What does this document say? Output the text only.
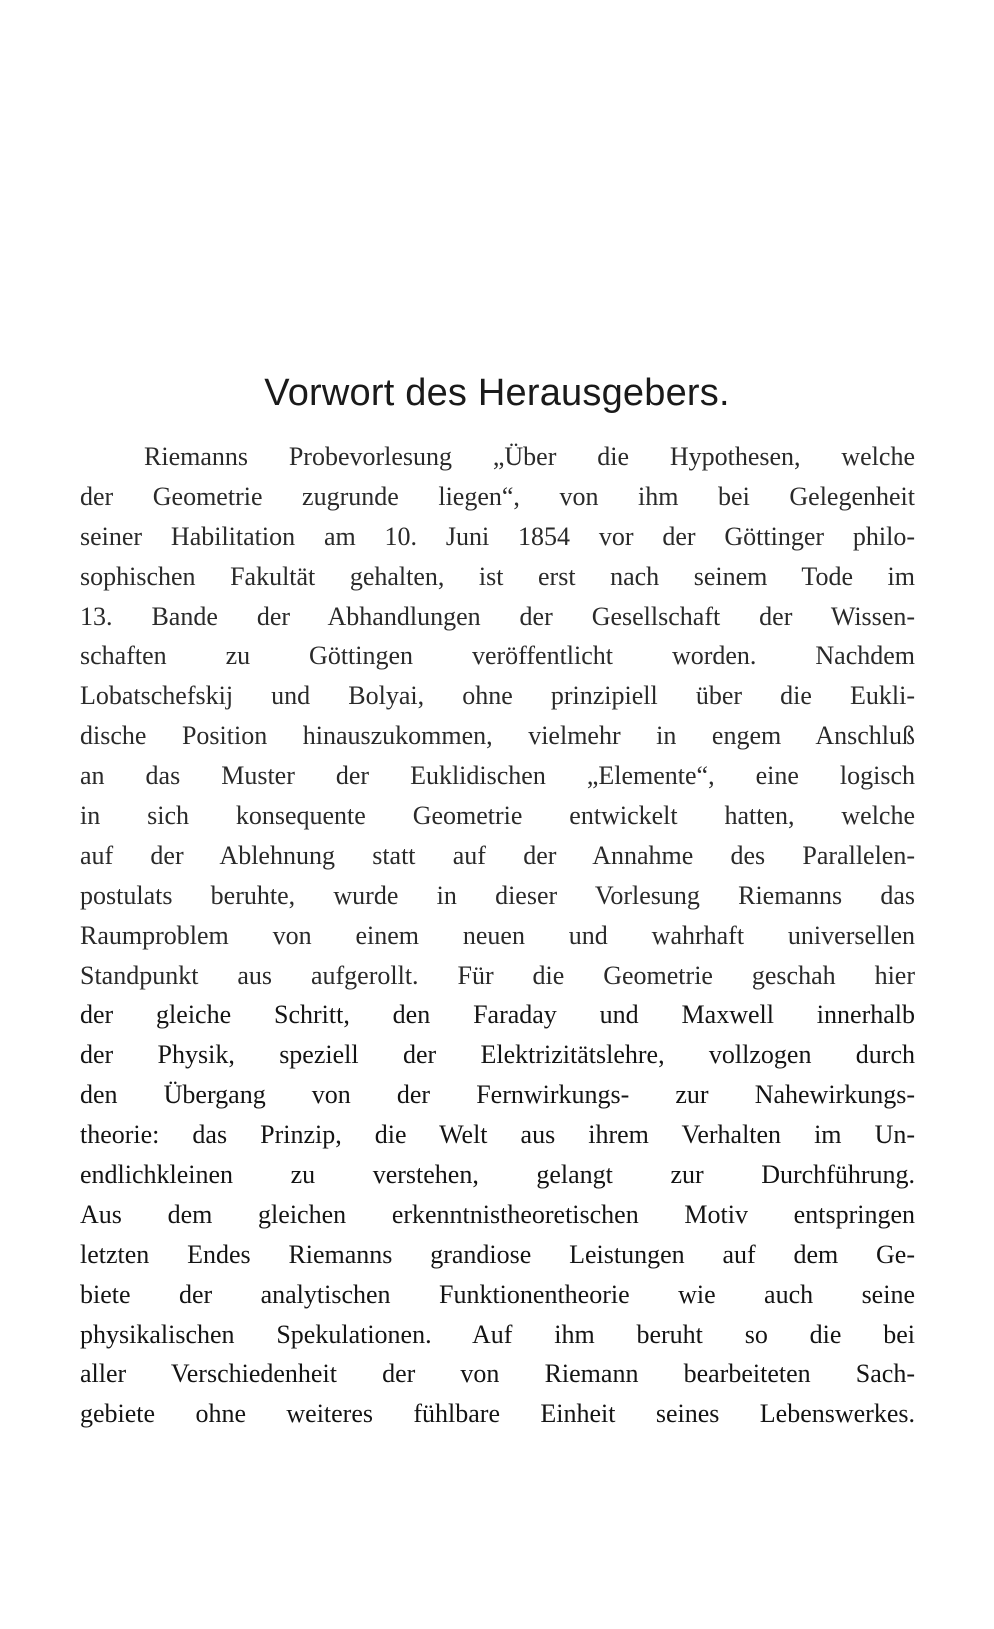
Vorwort des Herausgebers.
Riemanns Probevorlesung „Über die Hypothesen, welche
der Geometrie zugrunde liegen“, von ihm bei Gelegenheit
seiner Habilitation am 10. Juni 1854 vor der Göttinger philo-
sophischen Fakultät gehalten, ist erst nach seinem Tode im
13. Bande der Abhandlungen der Gesellschaft der Wissen-
schaften zu Göttingen veröffentlicht worden. Nachdem
Lobatschefskij und Bolyai, ohne prinzipiell über die Eukli-
dische Position hinauszukommen, vielmehr in engem Anschluß
an das Muster der Euklidischen „Elemente“, eine logisch
in sich konsequente Geometrie entwickelt hatten, welche
auf der Ablehnung statt auf der Annahme des Parallelen-
postulats beruhte, wurde in dieser Vorlesung Riemanns das
Raumproblem von einem neuen und wahrhaft universellen
Standpunkt aus aufgerollt. Für die Geometrie geschah hier
der gleiche Schritt, den Faraday und Maxwell innerhalb
der Physik, speziell der Elektrizitätslehre, vollzogen durch
den Übergang von der Fernwirkungs- zur Nahewirkungs-
theorie: das Prinzip, die Welt aus ihrem Verhalten im Un-
endlichkleinen zu verstehen, gelangt zur Durchführung.
Aus dem gleichen erkenntnistheoretischen Motiv entspringen
letzten Endes Riemanns grandiose Leistungen auf dem Ge-
biete der analytischen Funktionentheorie wie auch seine
physikalischen Spekulationen. Auf ihm beruht so die bei
aller Verschiedenheit der von Riemann bearbeiteten Sach-
gebiete ohne weiteres fühlbare Einheit seines Lebenswerkes.
